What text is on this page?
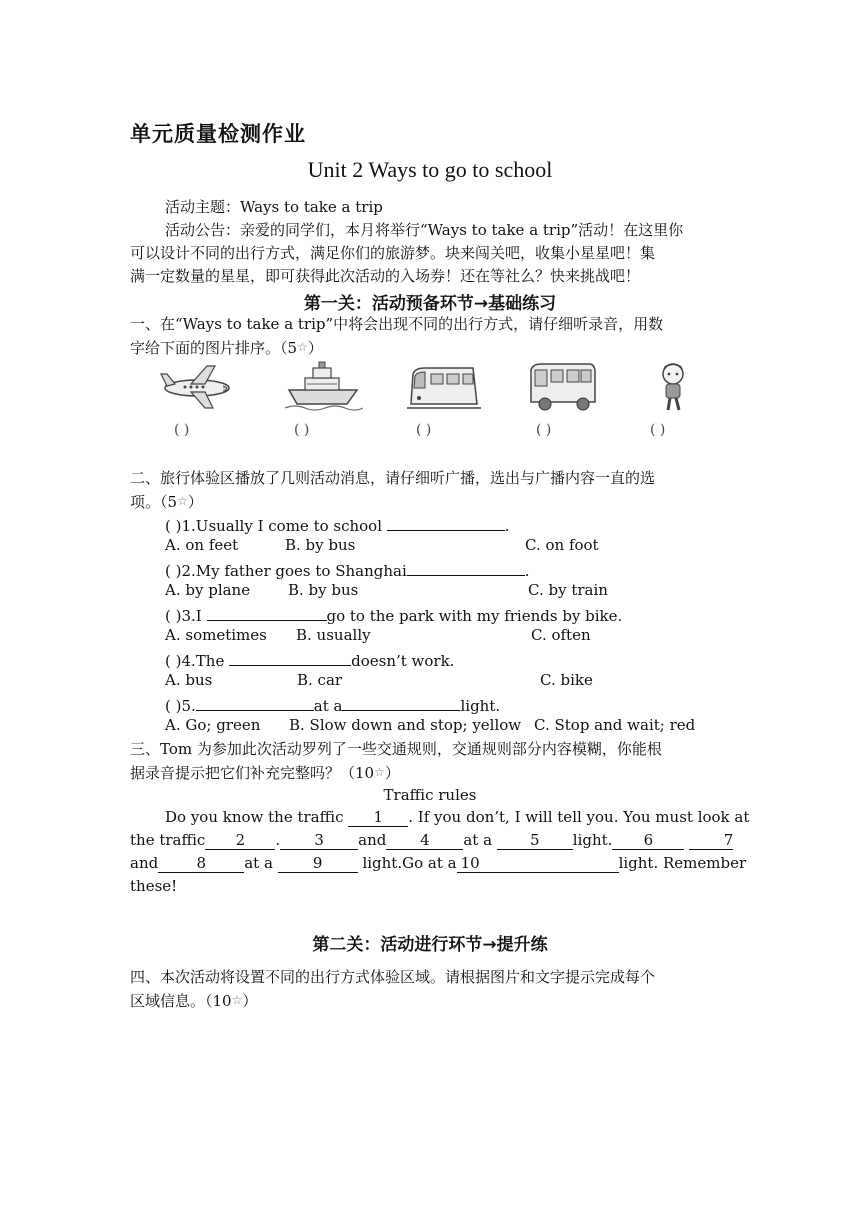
单元质量检测作业
Unit 2 Ways to go to school
活动主题：Ways to take a trip
活动公告：亲爱的同学们，本月将举行“Ways to take a trip”活动！在这里你
可以设计不同的出行方式，满足你们的旅游梦。块来闯关吧，收集小星星吧！集
满一定数量的星星，即可获得此次活动的入场券！还在等社么？快来挑战吧！
第一关：活动预备环节→基础练习
一、在“Ways to take a trip”中将会出现不同的出行方式，请仔细听录音，用数
字给下面的图片排序。（5☆）
( )	( )	( )	( )	( )
二、旅行体验区播放了几则活动消息，请仔细听广播，选出与广播内容一直的选
项。（5☆）
( )1.Usually I come to school	.
A. on feet	B. by bus	C. on foot
( )2.My father goes to Shanghai	.
A. by plane	B. by bus	C. by train
( )3.I	go to the park with my friends by bike.
A. sometimes B. usually	C. often
( )4.The	doesn’t work.
A. bus	B. car	C. bike
( )5.	at a	light.
A. Go; green B. Slow down and stop; yellow C. Stop and wait; red
三、Tom 为参加此次活动罗列了一些交通规则，交通规则部分内容模糊，你能根
据录音提示把它们补充完整吗？（10☆）
Traffic rules
Do you know the traffic 1 . If you don’t, I will tell you. You must look at
the traffic 2 . 3 and 4 at a 5 light. 6	7
and	8	at a 9 light.Go at a 10	light. Remember
these!
第二关：活动进行环节→提升练
四、本次活动将设置不同的出行方式体验区域。请根据图片和文字提示完成每个
区域信息。（10☆）
